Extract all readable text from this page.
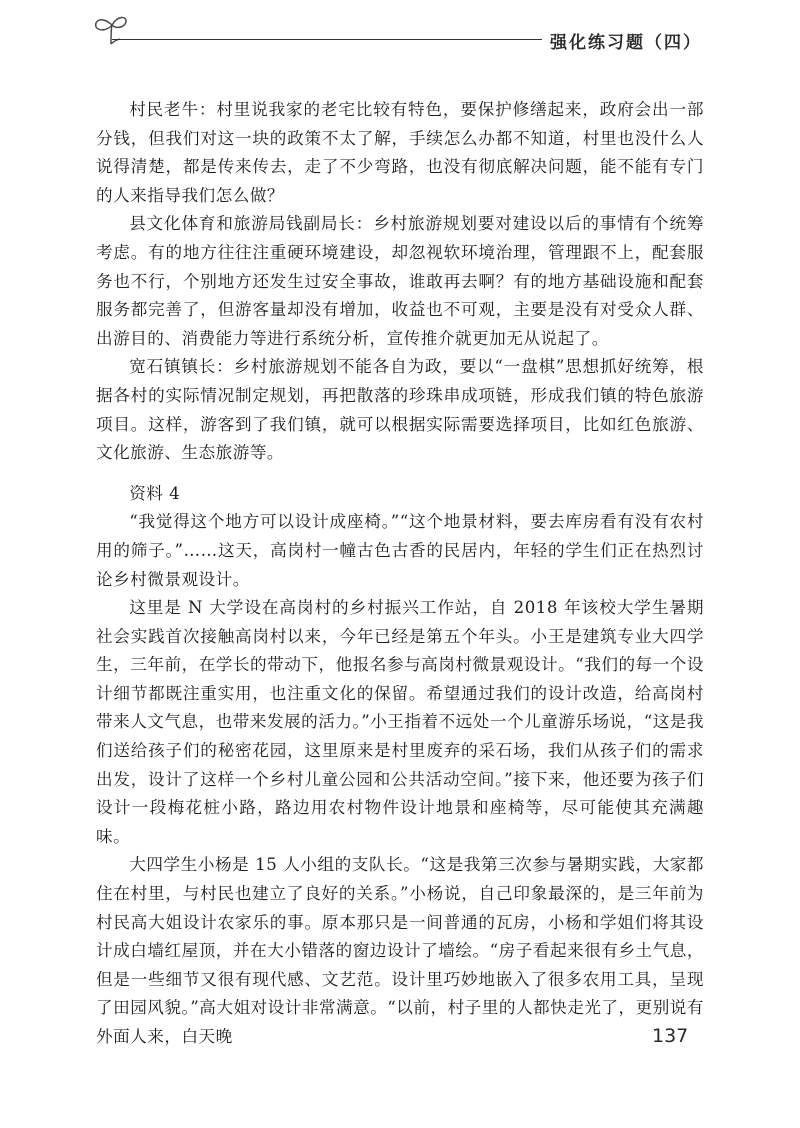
强化练习题（四）

村民老牛：村里说我家的老宅比较有特色，要保护修缮起来，政府会出一部分钱，但我们对这一块的政策不太了解，手续怎么办都不知道，村里也没什么人说得清楚，都是传来传去，走了不少弯路，也没有彻底解决问题，能不能有专门的人来指导我们怎么做？

县文化体育和旅游局钱副局长：乡村旅游规划要对建设以后的事情有个统筹考虑。有的地方往往注重硬环境建设，却忽视软环境治理，管理跟不上，配套服务也不行，个别地方还发生过安全事故，谁敢再去啊？有的地方基础设施和配套服务都完善了，但游客量却没有增加，收益也不可观，主要是没有对受众人群、出游目的、消费能力等进行系统分析，宣传推介就更加无从说起了。

宽石镇镇长：乡村旅游规划不能各自为政，要以“一盘棋”思想抓好统筹，根据各村的实际情况制定规划，再把散落的珍珠串成项链，形成我们镇的特色旅游项目。这样，游客到了我们镇，就可以根据实际需要选择项目，比如红色旅游、文化旅游、生态旅游等。

资料 4

“我觉得这个地方可以设计成座椅。”“这个地景材料，要去库房看有没有农村用的筛子。”……这天，高岗村一幢古色古香的民居内，年轻的学生们正在热烈讨论乡村微景观设计。

这里是 N 大学设在高岗村的乡村振兴工作站，自 2018 年该校大学生暑期社会实践首次接触高岗村以来，今年已经是第五个年头。小王是建筑专业大四学生，三年前，在学长的带动下，他报名参与高岗村微景观设计。“我们的每一个设计细节都既注重实用，也注重文化的保留。希望通过我们的设计改造，给高岗村带来人文气息，也带来发展的活力。”小王指着不远处一个儿童游乐场说，“这是我们送给孩子们的秘密花园，这里原来是村里废弃的采石场，我们从孩子们的需求出发，设计了这样一个乡村儿童公园和公共活动空间。”接下来，他还要为孩子们设计一段梅花桩小路，路边用农村物件设计地景和座椅等，尽可能使其充满趣味。

大四学生小杨是 15 人小组的支队长。“这是我第三次参与暑期实践，大家都住在村里，与村民也建立了良好的关系。”小杨说，自己印象最深的，是三年前为村民高大姐设计农家乐的事。原本那只是一间普通的瓦房，小杨和学姐们将其设计成白墙红屋顶，并在大小错落的窗边设计了墙绘。“房子看起来很有乡土气息，但是一些细节又很有现代感、文艺范。设计里巧妙地嵌入了很多农用工具，呈现了田园风貌。”高大姐对设计非常满意。“以前，村子里的人都快走光了，更别说有外面人来，白天晚	137
